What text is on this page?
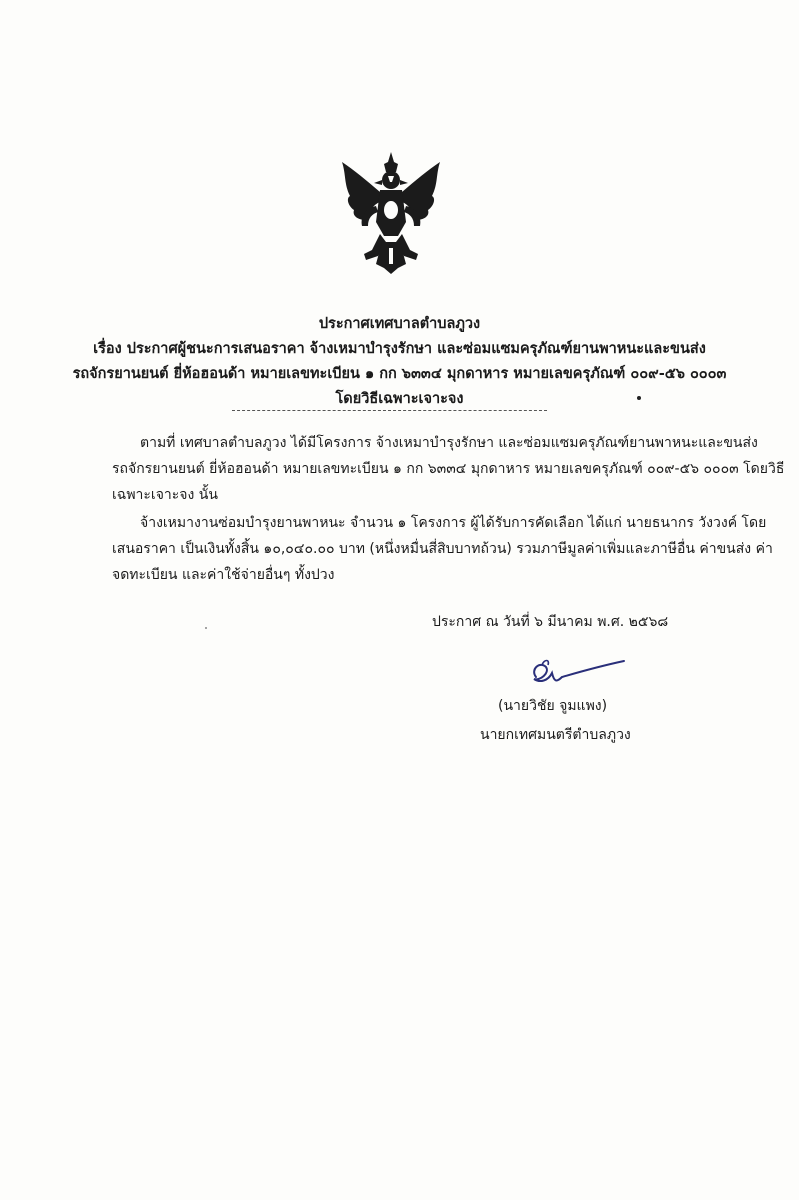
ประกาศเทศบาลตำบลภูวง
เรื่อง ประกาศผู้ชนะการเสนอราคา จ้างเหมาบำรุงรักษา และซ่อมแซมครุภัณฑ์ยานพาหนะและขนส่ง
รถจักรยานยนต์ ยี่ห้อฮอนด้า หมายเลขทะเบียน ๑ กก ๖๓๓๔ มุกดาหาร หมายเลขครุภัณฑ์ ๐๐๙-๕๖ ๐๐๐๓
โดยวิธีเฉพาะเจาะจง
ตามที่ เทศบาลตำบลภูวง ได้มีโครงการ จ้างเหมาบำรุงรักษา และซ่อมแซมครุภัณฑ์ยานพาหนะและขนส่ง
รถจักรยานยนต์ ยี่ห้อฮอนด้า หมายเลขทะเบียน ๑ กก ๖๓๓๔ มุกดาหาร หมายเลขครุภัณฑ์ ๐๐๙-๕๖ ๐๐๐๓ โดยวิธี
เฉพาะเจาะจง นั้น
จ้างเหมางานซ่อมบำรุงยานพาหนะ จำนวน ๑ โครงการ ผู้ได้รับการคัดเลือก ได้แก่ นายธนากร วังวงค์ โดย
เสนอราคา เป็นเงินทั้งสิ้น ๑๐,๐๔๐.๐๐ บาท (หนึ่งหมื่นสี่สิบบาทถ้วน) รวมภาษีมูลค่าเพิ่มและภาษีอื่น ค่าขนส่ง ค่า
จดทะเบียน และค่าใช้จ่ายอื่นๆ ทั้งปวง
ประกาศ ณ วันที่ ๖ มีนาคม พ.ศ. ๒๕๖๘
(นายวิชัย จูมแพง)
นายกเทศมนตรีตำบลภูวง
